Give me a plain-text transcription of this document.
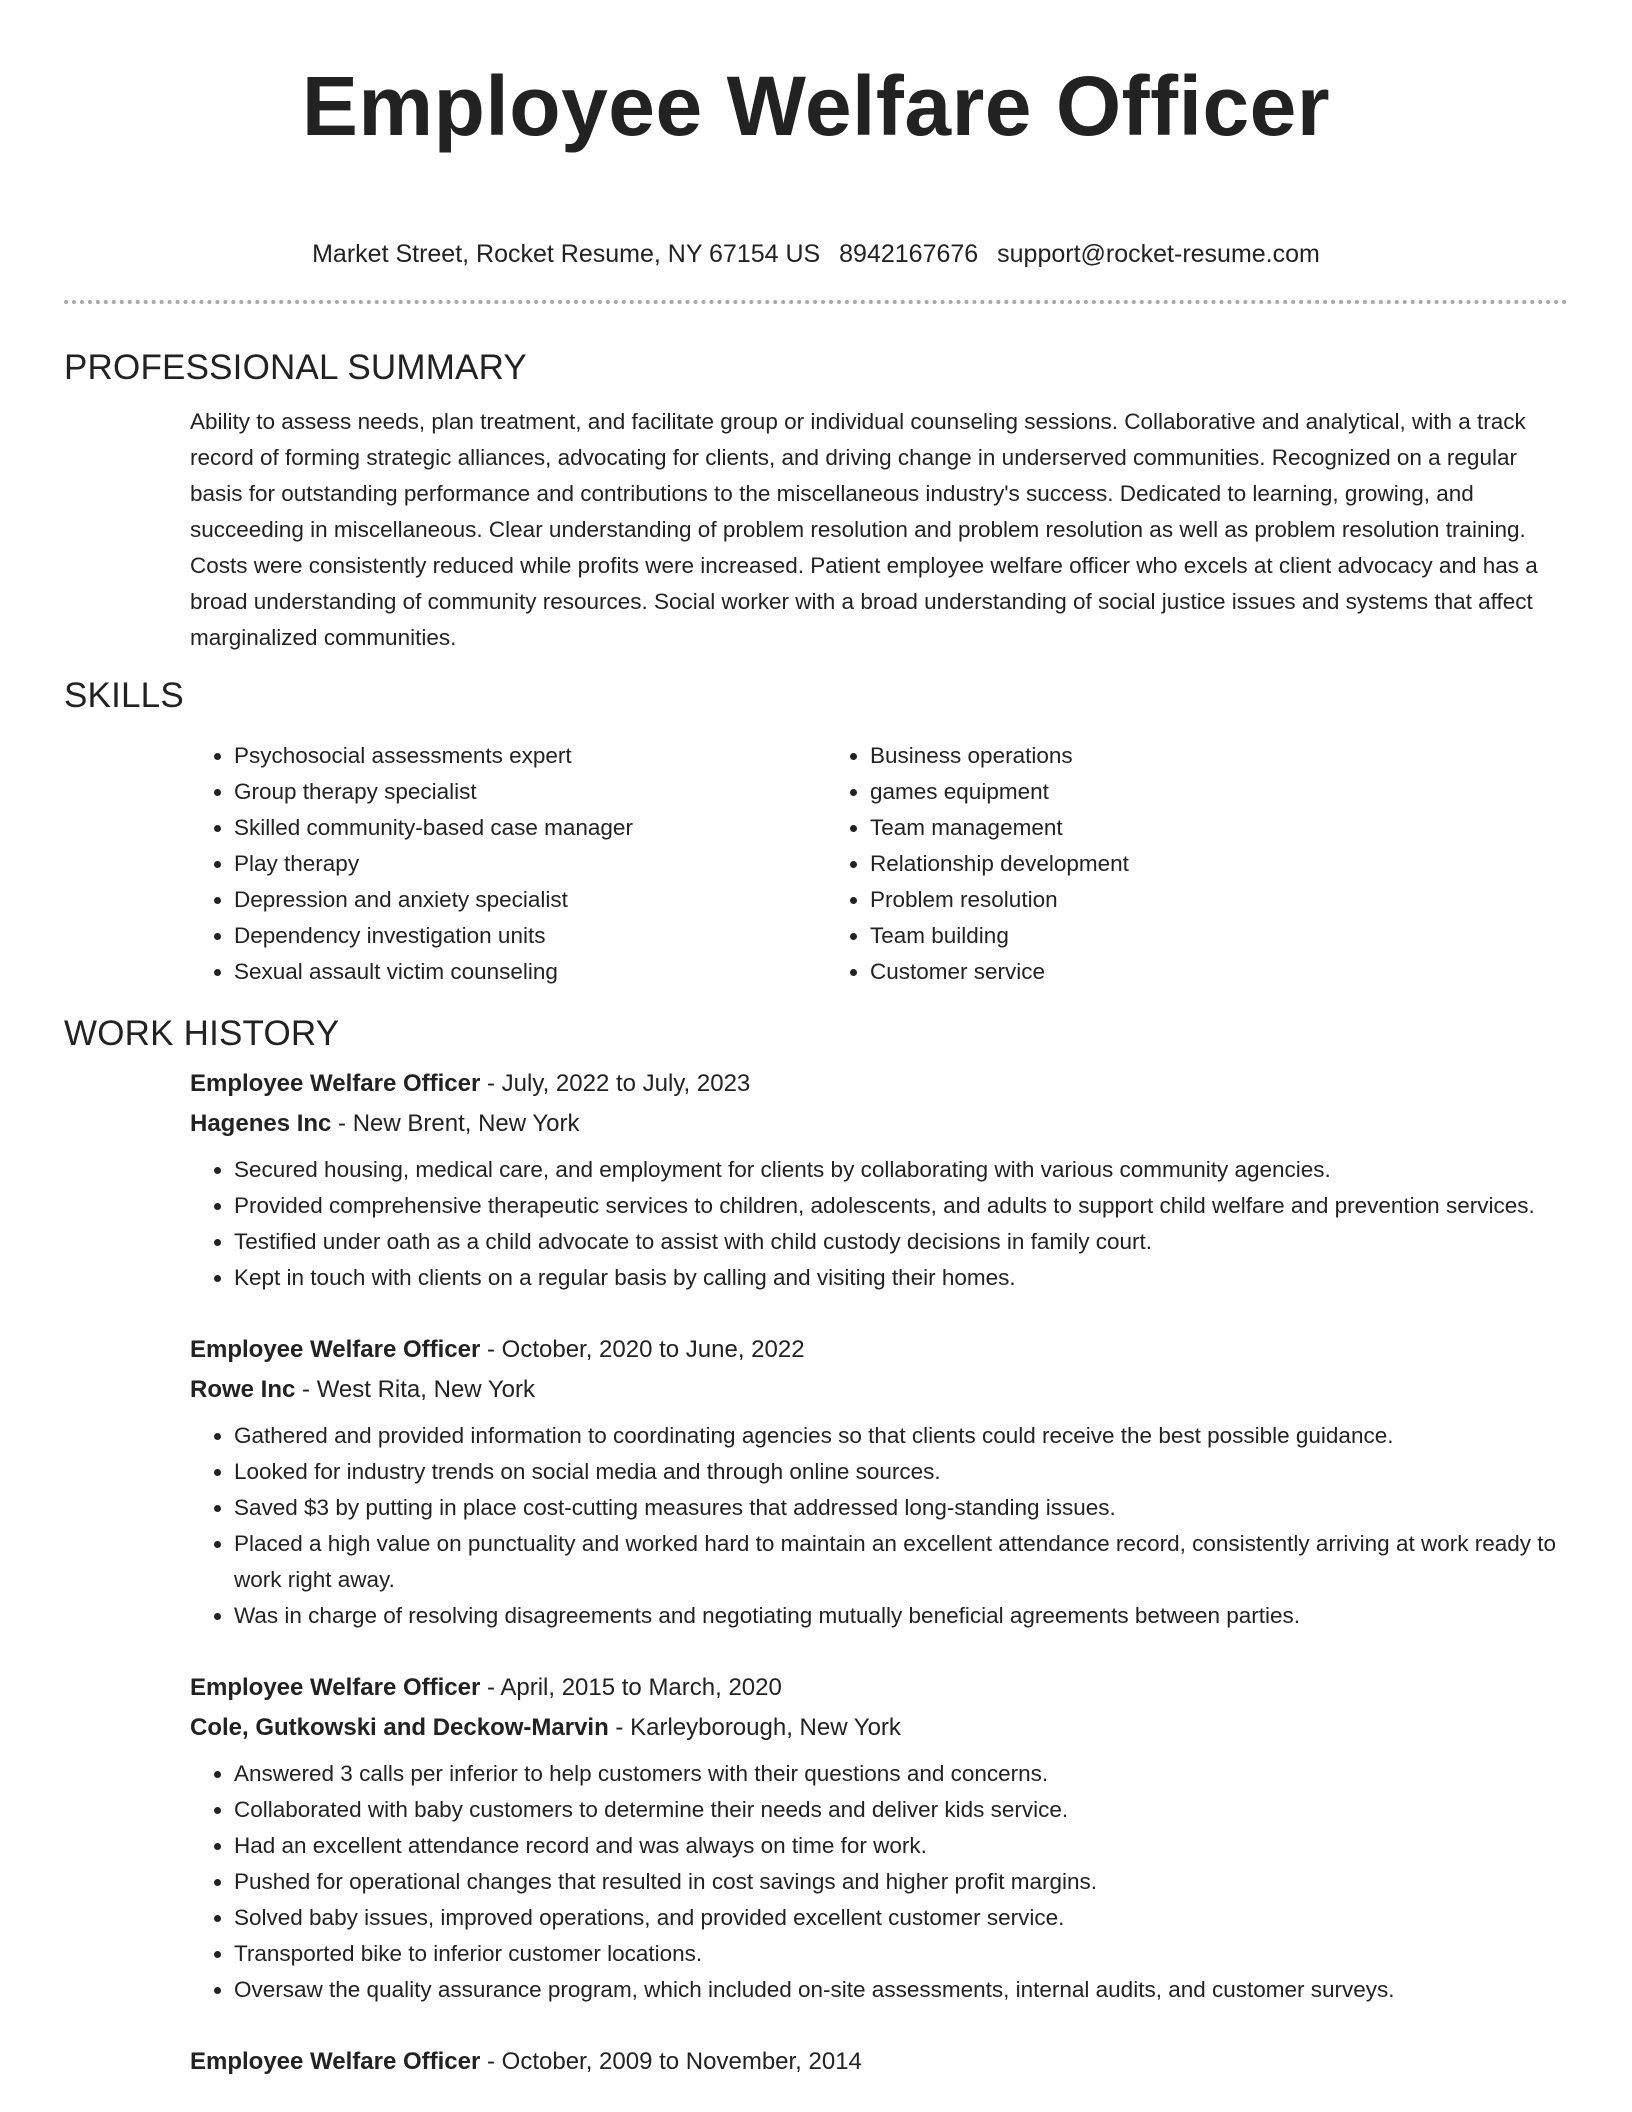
Employee Welfare Officer
Market Street, Rocket Resume, NY 67154 US 8942167676 support@rocket-resume.com
PROFESSIONAL SUMMARY

Ability to assess needs, plan treatment, and facilitate group or individual counseling sessions. Collaborative and analytical, with a track record of forming strategic alliances, advocating for clients, and driving change in underserved communities. Recognized on a regular basis for outstanding performance and contributions to the miscellaneous industry's success. Dedicated to learning, growing, and succeeding in miscellaneous. Clear understanding of problem resolution and problem resolution as well as problem resolution training. Costs were consistently reduced while profits were increased. Patient employee welfare officer who excels at client advocacy and has a broad understanding of community resources. Social worker with a broad understanding of social justice issues and systems that affect marginalized communities.

SKILLS
• Psychosocial assessments expert
• Group therapy specialist
• Skilled community-based case manager
• Play therapy
• Depression and anxiety specialist
• Dependency investigation units
• Sexual assault victim counseling
• Business operations
• games equipment
• Team management
• Relationship development
• Problem resolution
• Team building
• Customer service
WORK HISTORY
Employee Welfare Officer - July, 2022 to July, 2023
Hagenes Inc - New Brent, New York
• Secured housing, medical care, and employment for clients by collaborating with various community agencies.
• Provided comprehensive therapeutic services to children, adolescents, and adults to support child welfare and prevention services.
• Testified under oath as a child advocate to assist with child custody decisions in family court.
• Kept in touch with clients on a regular basis by calling and visiting their homes.
Employee Welfare Officer - October, 2020 to June, 2022
Rowe Inc - West Rita, New York
• Gathered and provided information to coordinating agencies so that clients could receive the best possible guidance.
• Looked for industry trends on social media and through online sources.
• Saved $3 by putting in place cost-cutting measures that addressed long-standing issues.
• Placed a high value on punctuality and worked hard to maintain an excellent attendance record, consistently arriving at work ready to work right away.
• Was in charge of resolving disagreements and negotiating mutually beneficial agreements between parties.
Employee Welfare Officer - April, 2015 to March, 2020
Cole, Gutkowski and Deckow-Marvin - Karleyborough, New York
• Answered 3 calls per inferior to help customers with their questions and concerns.
• Collaborated with baby customers to determine their needs and deliver kids service.
• Had an excellent attendance record and was always on time for work.
• Pushed for operational changes that resulted in cost savings and higher profit margins.
• Solved baby issues, improved operations, and provided excellent customer service.
• Transported bike to inferior customer locations.
• Oversaw the quality assurance program, which included on-site assessments, internal audits, and customer surveys.
Employee Welfare Officer - October, 2009 to November, 2014
